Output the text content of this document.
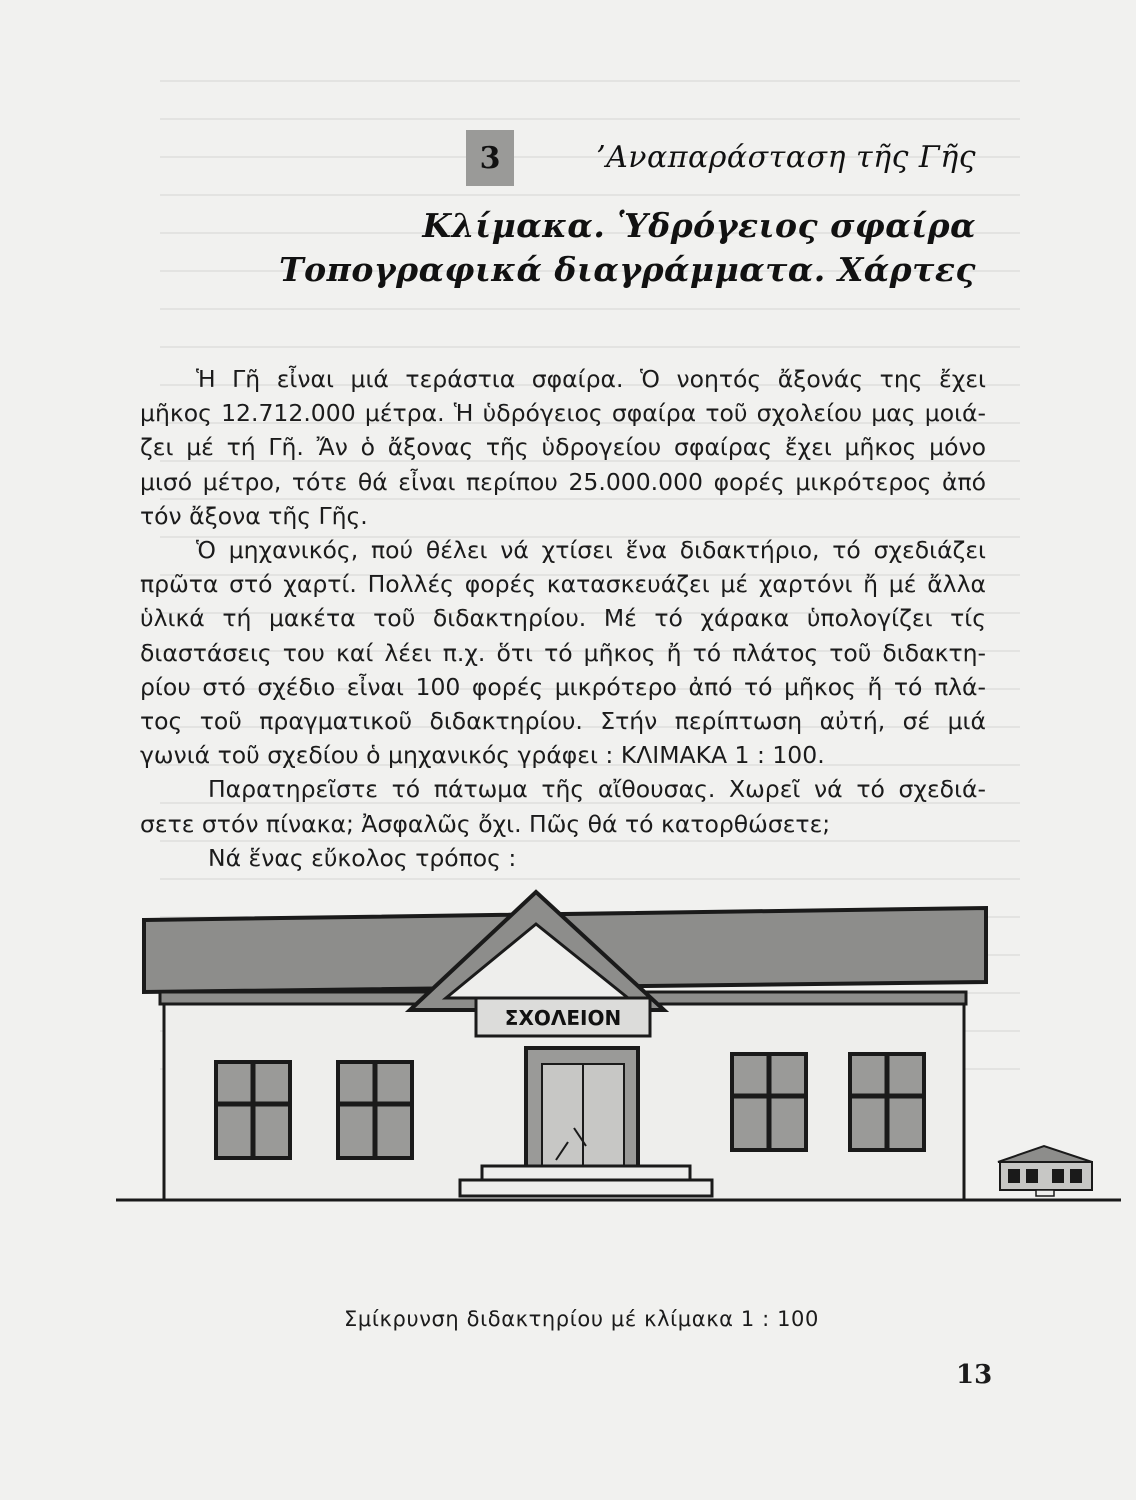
3	’Αναπαράσταση τῆς Γῆς
Κλίμακα. Ὑδρόγειος σφαίρα
Τοπογραφικά διαγράμματα. Χάρτες
Ἡ Γῆ εἶναι μιά τεράστια σφαίρα. Ὁ νοητός ἄξονάς της ἔχει
μῆκος 12.712.000 μέτρα. Ἡ ὑδρόγειος σφαίρα τοῦ σχολείου μας μοιά-
ζει μέ τή Γῆ. Ἄν ὁ ἄξονας τῆς ὑδρογείου σφαίρας ἔχει μῆκος μόνο
μισό μέτρο, τότε θά εἶναι περίπου 25.000.000 φορές μικρότερος ἀπό
τόν ἄξονα τῆς Γῆς.
Ὁ μηχανικός, πού θέλει νά χτίσει ἕνα διδακτήριο, τό σχεδιάζει
πρῶτα στό χαρτί. Πολλές φορές κατασκευάζει μέ χαρτόνι ἤ μέ ἄλλα
ὑλικά τή μακέτα τοῦ διδακτηρίου. Μέ τό χάρακα ὑπολογίζει τίς
διαστάσεις του καί λέει π.χ. ὅτι τό μῆκος ἤ τό πλάτος τοῦ διδακτη-
ρίου στό σχέδιο εἶναι 100 φορές μικρότερο ἀπό τό μῆκος ἤ τό πλά-
τος τοῦ πραγματικοῦ διδακτηρίου. Στήν περίπτωση αὐτή, σέ μιά
γωνιά τοῦ σχεδίου ὁ μηχανικός γράφει : ΚΛΙΜΑΚΑ 1 : 100.
Παρατηρεῖστε τό πάτωμα τῆς αἴθουσας. Χωρεῖ νά τό σχεδιά-
σετε στόν πίνακα; Ἀσφαλῶς ὄχι. Πῶς θά τό κατορθώσετε;
Νά ἕνας εὔκολος τρόπος :
ΣΧΟΛΕΙΟΝ
Σμίκρυνση διδακτηρίου μέ κλίμακα 1 : 100
13
